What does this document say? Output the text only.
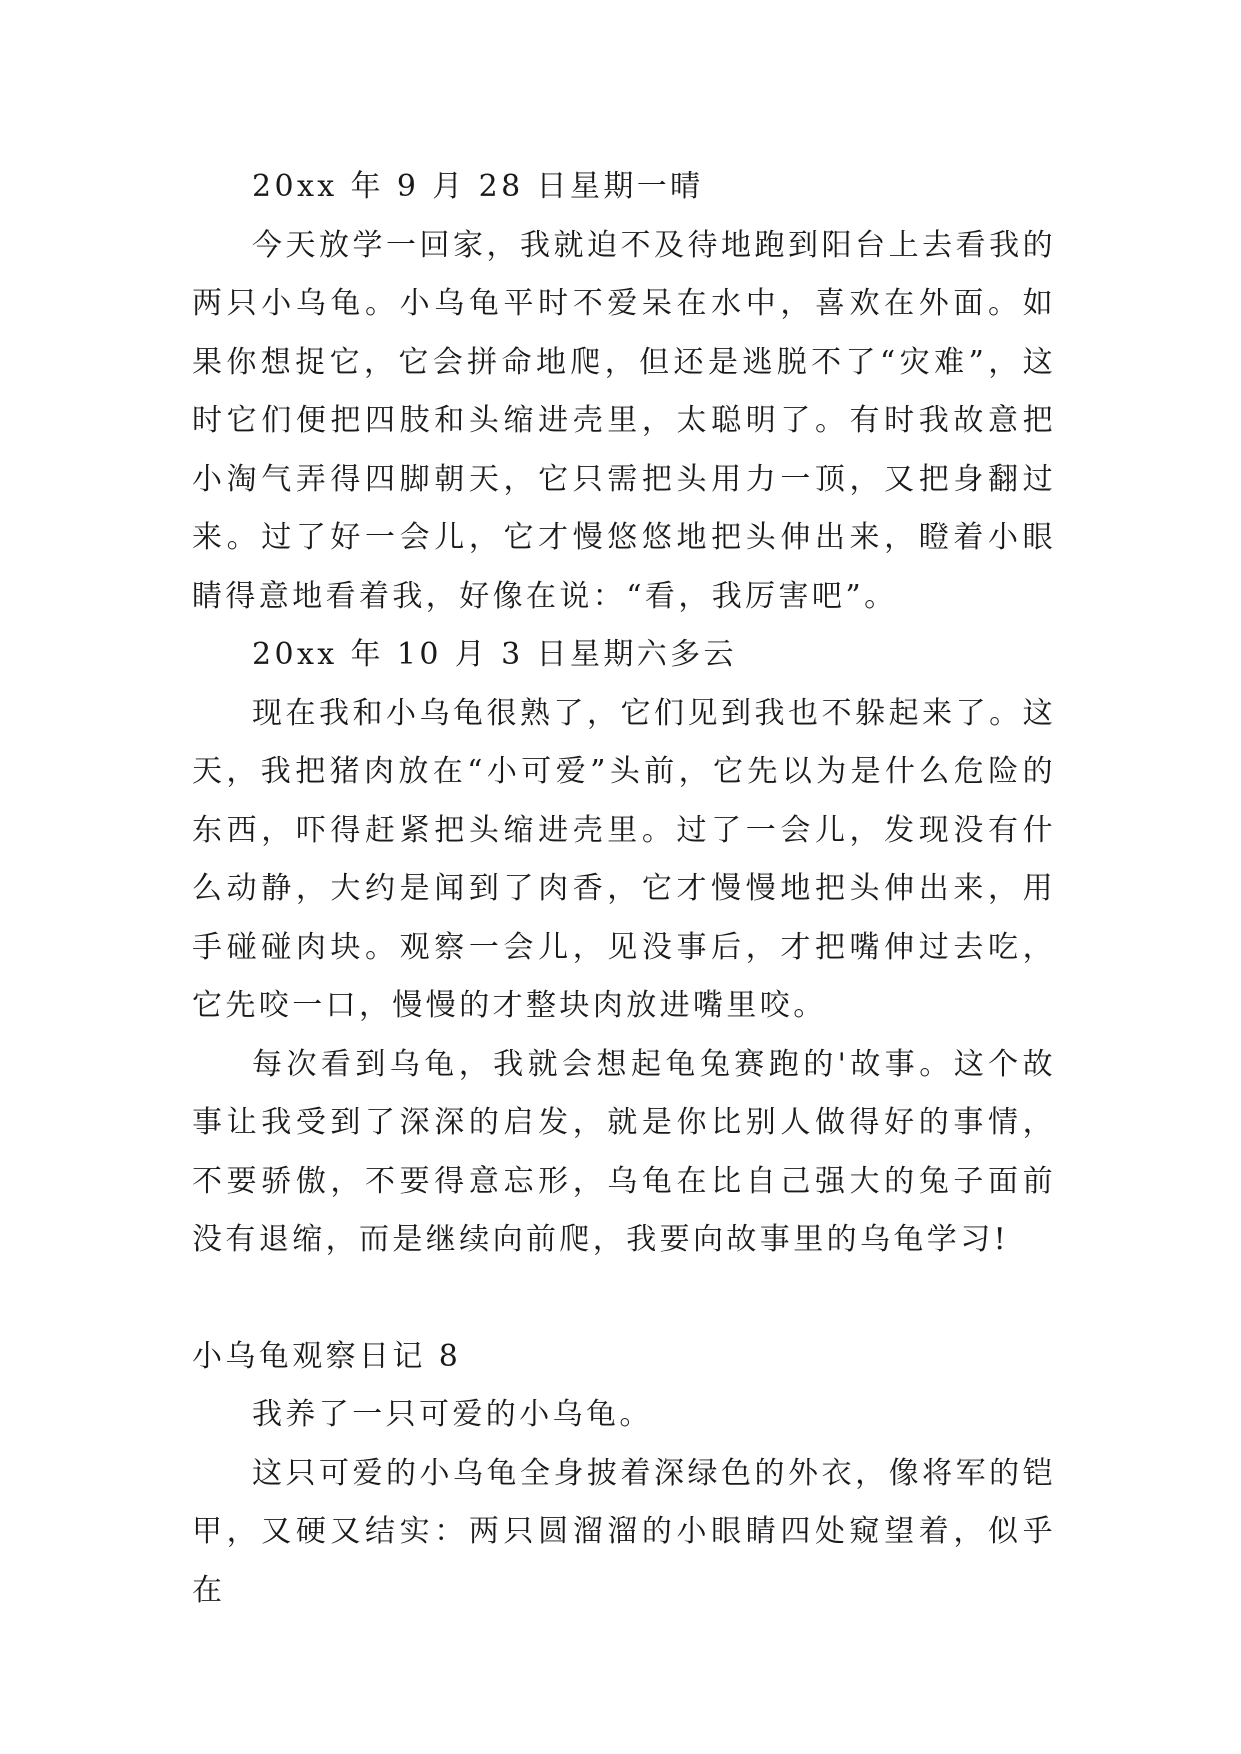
20xx 年 9 月 28 日星期一晴

今天放学一回家，我就迫不及待地跑到阳台上去看我的两只小乌龟。小乌龟平时不爱呆在水中，喜欢在外面。如果你想捉它，它会拼命地爬，但还是逃脱不了“灾难”，这时它们便把四肢和头缩进壳里，太聪明了。有时我故意把小淘气弄得四脚朝天，它只需把头用力一顶，又把身翻过来。过了好一会儿，它才慢悠悠地把头伸出来，瞪着小眼睛得意地看着我，好像在说：“看，我厉害吧”。

20xx 年 10 月 3 日星期六多云

现在我和小乌龟很熟了，它们见到我也不躲起来了。这天，我把猪肉放在“小可爱”头前，它先以为是什么危险的东西，吓得赶紧把头缩进壳里。过了一会儿，发现没有什么动静，大约是闻到了肉香，它才慢慢地把头伸出来，用手碰碰肉块。观察一会儿，见没事后，才把嘴伸过去吃，它先咬一口，慢慢的才整块肉放进嘴里咬。

每次看到乌龟，我就会想起龟兔赛跑的'故事。这个故事让我受到了深深的启发，就是你比别人做得好的事情，不要骄傲，不要得意忘形，乌龟在比自己强大的兔子面前没有退缩，而是继续向前爬，我要向故事里的乌龟学习!

小乌龟观察日记 8

我养了一只可爱的小乌龟。

这只可爱的小乌龟全身披着深绿色的外衣，像将军的铠甲，又硬又结实：两只圆溜溜的小眼睛四处窥望着，似乎在
